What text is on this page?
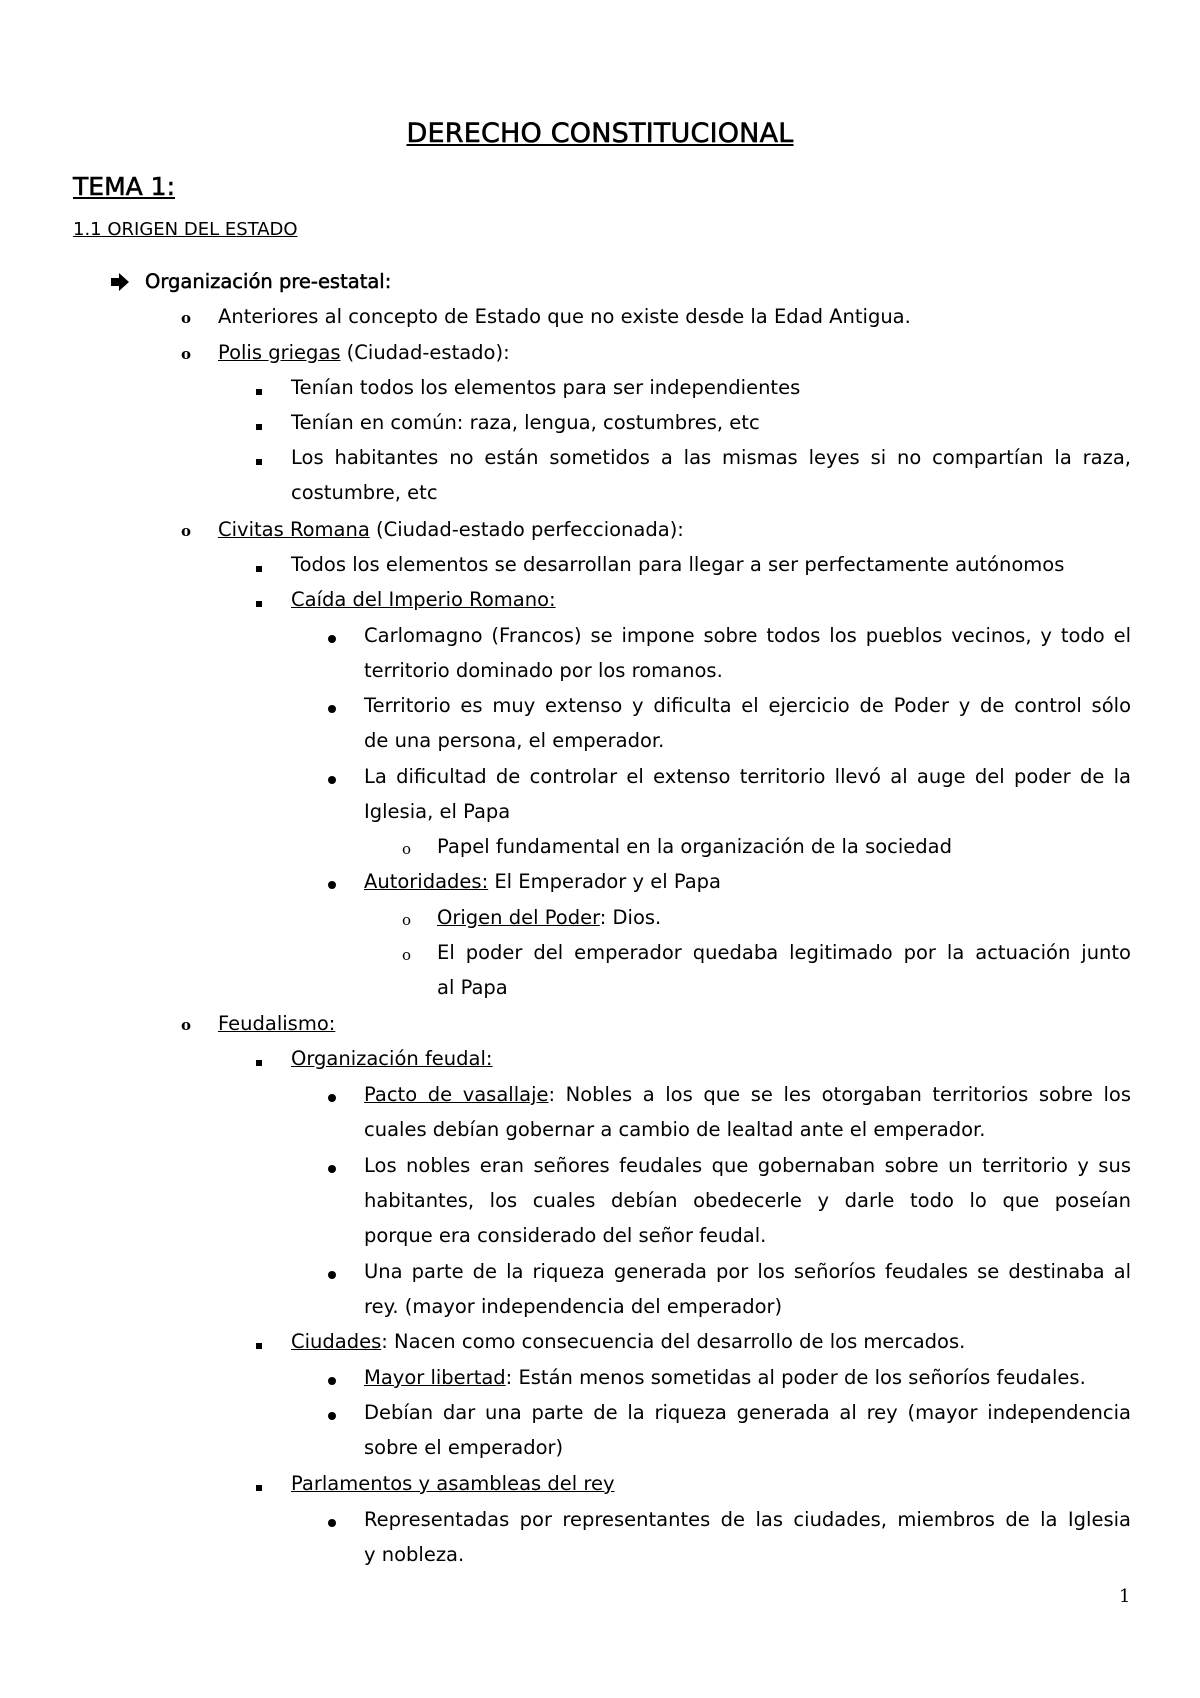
DERECHO CONSTITUCIONAL
TEMA 1:
1.1 ORIGEN DEL ESTADO
Organización pre-estatal:
o Anteriores al concepto de Estado que no existe desde la Edad Antigua.
o Polis griegas (Ciudad-estado):
Tenían todos los elementos para ser independientes
Tenían en común: raza, lengua, costumbres, etc
Los habitantes no están sometidos a las mismas leyes si no compartían la raza,
costumbre, etc
o Civitas Romana (Ciudad-estado perfeccionada):
Todos los elementos se desarrollan para llegar a ser perfectamente autónomos
Caída del Imperio Romano:
Carlomagno (Francos) se impone sobre todos los pueblos vecinos, y todo el
territorio dominado por los romanos.
Territorio es muy extenso y dificulta el ejercicio de Poder y de control sólo
de una persona, el emperador.
La dificultad de controlar el extenso territorio llevó al auge del poder de la
Iglesia, el Papa
o Papel fundamental en la organización de la sociedad
Autoridades: El Emperador y el Papa
o Origen del Poder: Dios.
o El poder del emperador quedaba legitimado por la actuación junto
al Papa
o Feudalismo:
Organización feudal:
Pacto de vasallaje: Nobles a los que se les otorgaban territorios sobre los
cuales debían gobernar a cambio de lealtad ante el emperador.
Los nobles eran señores feudales que gobernaban sobre un territorio y sus
habitantes, los cuales debían obedecerle y darle todo lo que poseían
porque era considerado del señor feudal.
Una parte de la riqueza generada por los señoríos feudales se destinaba al
rey. (mayor independencia del emperador)
Ciudades: Nacen como consecuencia del desarrollo de los mercados.
Mayor libertad: Están menos sometidas al poder de los señoríos feudales.
Debían dar una parte de la riqueza generada al rey (mayor independencia
sobre el emperador)
Parlamentos y asambleas del rey
Representadas por representantes de las ciudades, miembros de la Iglesia
y nobleza.
1
